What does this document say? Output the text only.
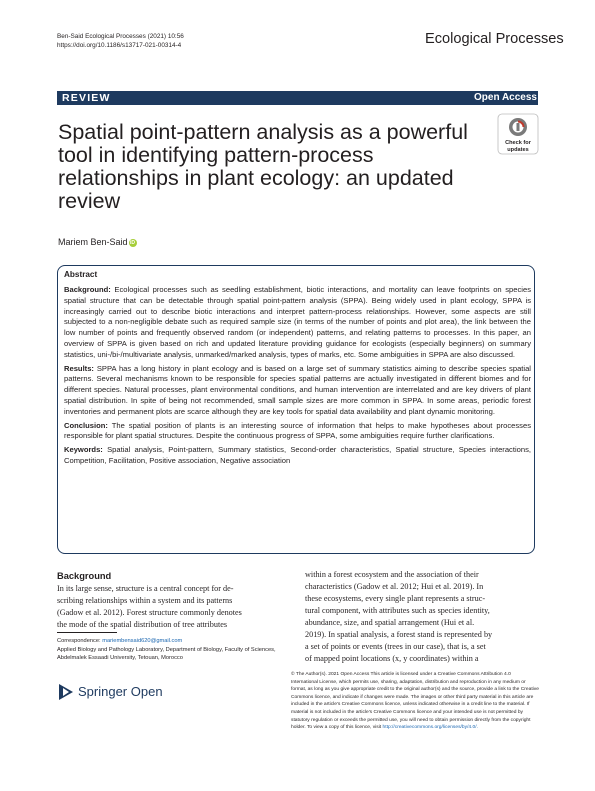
Ben-Said Ecological Processes (2021) 10:56
https://doi.org/10.1186/s13717-021-00314-4	Ecological Processes
REVIEW	Open Access
Spatial point-pattern analysis as a powerful tool in identifying pattern-process relationships in plant ecology: an updated review
Check for updates
Mariem Ben-Said iD
Abstract

Background: Ecological processes such as seedling establishment, biotic interactions, and mortality can leave footprints on species spatial structure that can be detectable through spatial point-pattern analysis (SPPA). Being widely used in plant ecology, SPPA is increasingly carried out to describe biotic interactions and interpret pattern-process relationships. However, some aspects are still subjected to a non-negligible debate such as required sample size (in terms of the number of points and plot area), the link between the low number of points and frequently observed random (or independent) patterns, and relating patterns to processes. In this paper, an overview of SPPA is given based on rich and updated literature providing guidance for ecologists (especially beginners) on summary statistics, uni-/bi-/multivariate analysis, unmarked/marked analysis, types of marks, etc. Some ambiguities in SPPA are also discussed.

Results: SPPA has a long history in plant ecology and is based on a large set of summary statistics aiming to describe species spatial patterns. Several mechanisms known to be responsible for species spatial patterns are actually investigated in different biomes and for different species. Natural processes, plant environmental conditions, and human intervention are interrelated and are key drivers of plant spatial distribution. In spite of being not recommended, small sample sizes are more common in SPPA. In some areas, periodic forest inventories and permanent plots are scarce although they are key tools for spatial data availability and plant dynamic monitoring.

Conclusion: The spatial position of plants is an interesting source of information that helps to make hypotheses about processes responsible for plant spatial structures. Despite the continuous progress of SPPA, some ambiguities require further clarifications.

Keywords: Spatial analysis, Point-pattern, Summary statistics, Second-order characteristics, Spatial structure, Species interactions, Competition, Facilitation, Positive association, Negative association

Background
In its large sense, structure is a central concept for de-
scribing relationships within a system and its patterns
(Gadow et al. 2012). Forest structure commonly denotes
the mode of the spatial distribution of tree attributes
within a forest ecosystem and the association of their
characteristics (Gadow et al. 2012; Hui et al. 2019). In
these ecosystems, every single plant represents a struc-
tural component, with attributes such as species identity,
abundance, size, and spatial arrangement (Hui et al.
2019). In spatial analysis, a forest stand is represented by
a set of points or events (trees in our case), that is, a set
of mapped point locations (x, y coordinates) within a
Correspondence: mariembensaid620@gmail.com
Applied Biology and Pathology Laboratory, Department of Biology, Faculty of Sciences, Abdelmalek Essaadi University, Tetouan, Morocco
Springer Open
© The Author(s). 2021 Open Access This article is licensed under a Creative Commons Attribution 4.0 International License, which permits use, sharing, adaptation, distribution and reproduction in any medium or format, as long as you give appropriate credit to the original author(s) and the source, provide a link to the Creative Commons licence, and indicate if changes were made. The images or other third party material in this article are included in the article's Creative Commons licence, unless indicated otherwise in a credit line to the material. If material is not included in the article's Creative Commons licence and your intended use is not permitted by statutory regulation or exceeds the permitted use, you will need to obtain permission directly from the copyright holder. To view a copy of this licence, visit http://creativecommons.org/licenses/by/4.0/.
